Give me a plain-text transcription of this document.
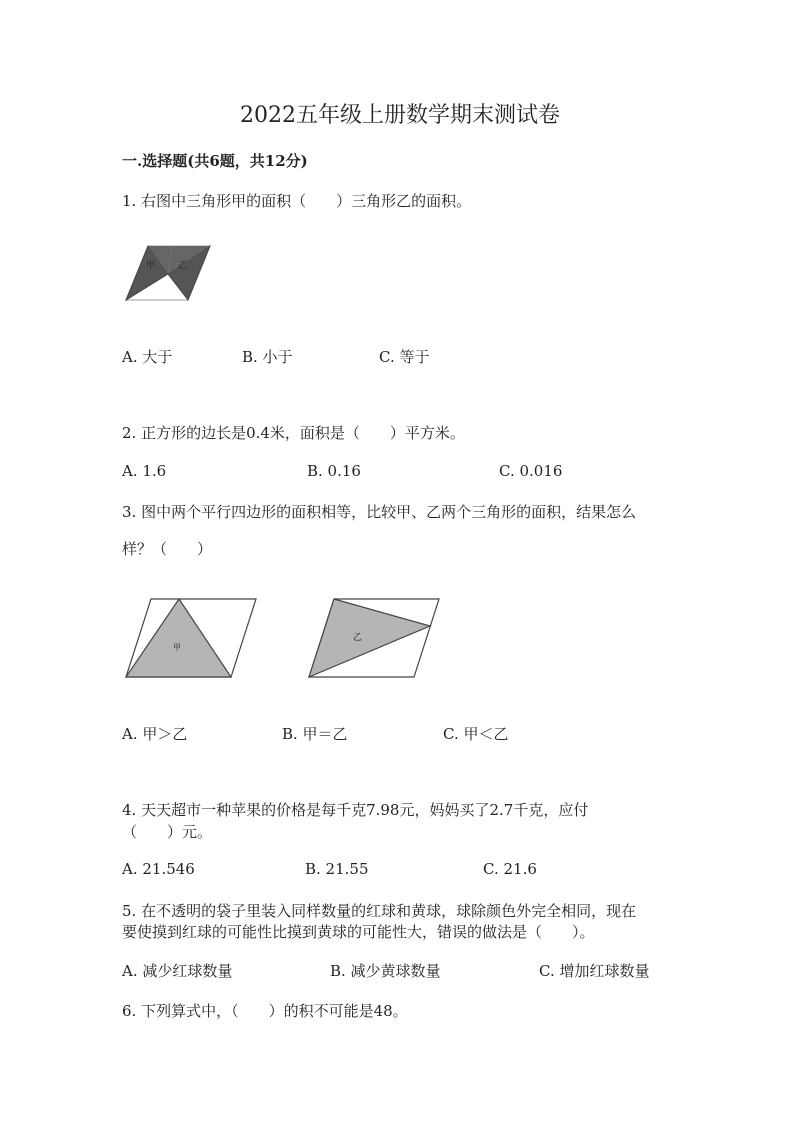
2022五年级上册数学期末测试卷
一.选择题(共6题，共12分)
1. 右图中三角形甲的面积（　　）三角形乙的面积。
甲	乙
A. 大于	B. 小于	C. 等于
2. 正方形的边长是0.4米，面积是（　　）平方米。
A. 1.6	B. 0.16	C. 0.016
3. 图中两个平行四边形的面积相等，比较甲、乙两个三角形的面积，结果怎么
样？（　　）
甲
乙
A. 甲＞乙	B. 甲＝乙	C. 甲＜乙
4. 天天超市一种苹果的价格是每千克7.98元，妈妈买了2.7千克，应付
（　　）元。
A. 21.546	B. 21.55	C. 21.6
5. 在不透明的袋子里装入同样数量的红球和黄球，球除颜色外完全相同，现在
要使摸到红球的可能性比摸到黄球的可能性大，错误的做法是（　　）。
A. 减少红球数量	B. 减少黄球数量	C. 增加红球数量
6. 下列算式中，（　　）的积不可能是48。
